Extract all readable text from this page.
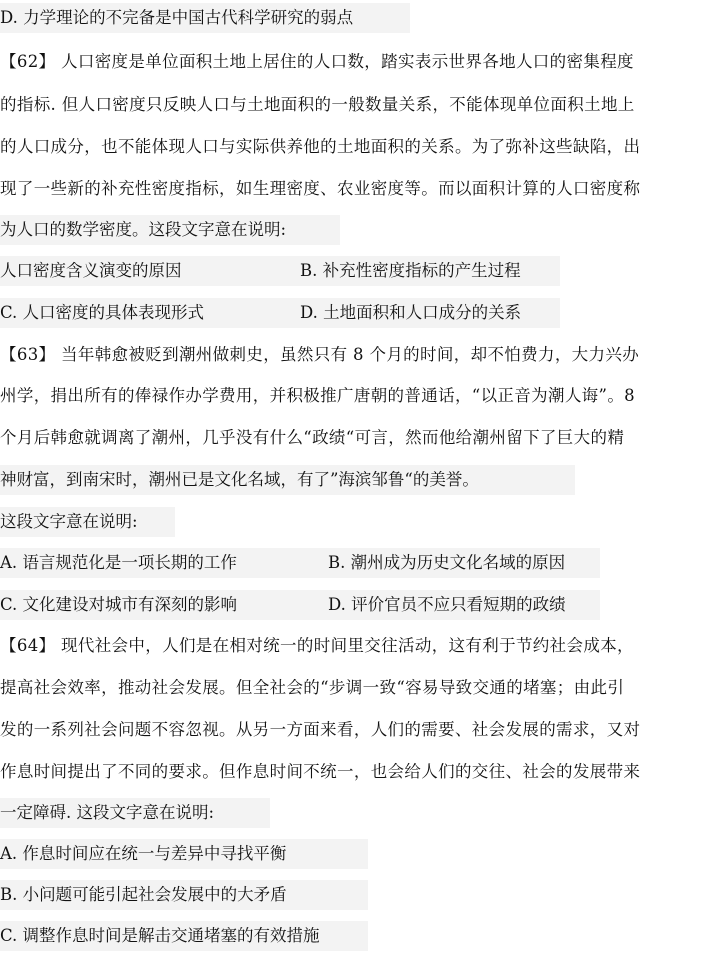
D. 力学理论的不完备是中国古代科学研究的弱点
【62】 人口密度是单位面积土地上居住的人口数，踏实表示世界各地人口的密集程度
的指标. 但人口密度只反映人口与土地面积的一般数量关系，不能体现单位面积土地上
的人口成分，也不能体现人口与实际供养他的土地面积的关系。为了弥补这些缺陷，出
现了一些新的补充性密度指标，如生理密度、农业密度等。而以面积计算的人口密度称
为人口的数学密度。这段文字意在说明:
人口密度含义演变的原因	B. 补充性密度指标的产生过程
C. 人口密度的具体表现形式	D. 土地面积和人口成分的关系
【63】 当年韩愈被贬到潮州做刺史，虽然只有 8 个月的时间，却不怕费力，大力兴办
州学，捐出所有的俸禄作办学费用，并积极推广唐朝的普通话，“以正音为潮人诲”。8
个月后韩愈就调离了潮州，几乎没有什么“政绩“可言，然而他给潮州留下了巨大的精
神财富，到南宋时，潮州已是文化名域，有了”海滨邹鲁“的美誉。
这段文字意在说明:
A. 语言规范化是一项长期的工作	B. 潮州成为历史文化名域的原因
C. 文化建设对城市有深刻的影响	D. 评价官员不应只看短期的政绩
【64】 现代社会中，人们是在相对统一的时间里交往活动，这有利于节约社会成本，
提高社会效率，推动社会发展。但全社会的“步调一致“容易导致交通的堵塞；由此引
发的一系列社会问题不容忽视。从另一方面来看，人们的需要、社会发展的需求，又对
作息时间提出了不同的要求。但作息时间不统一，也会给人们的交往、社会的发展带来
一定障碍. 这段文字意在说明:
A. 作息时间应在统一与差异中寻找平衡
B. 小问题可能引起社会发展中的大矛盾
C. 调整作息时间是解击交通堵塞的有效措施
